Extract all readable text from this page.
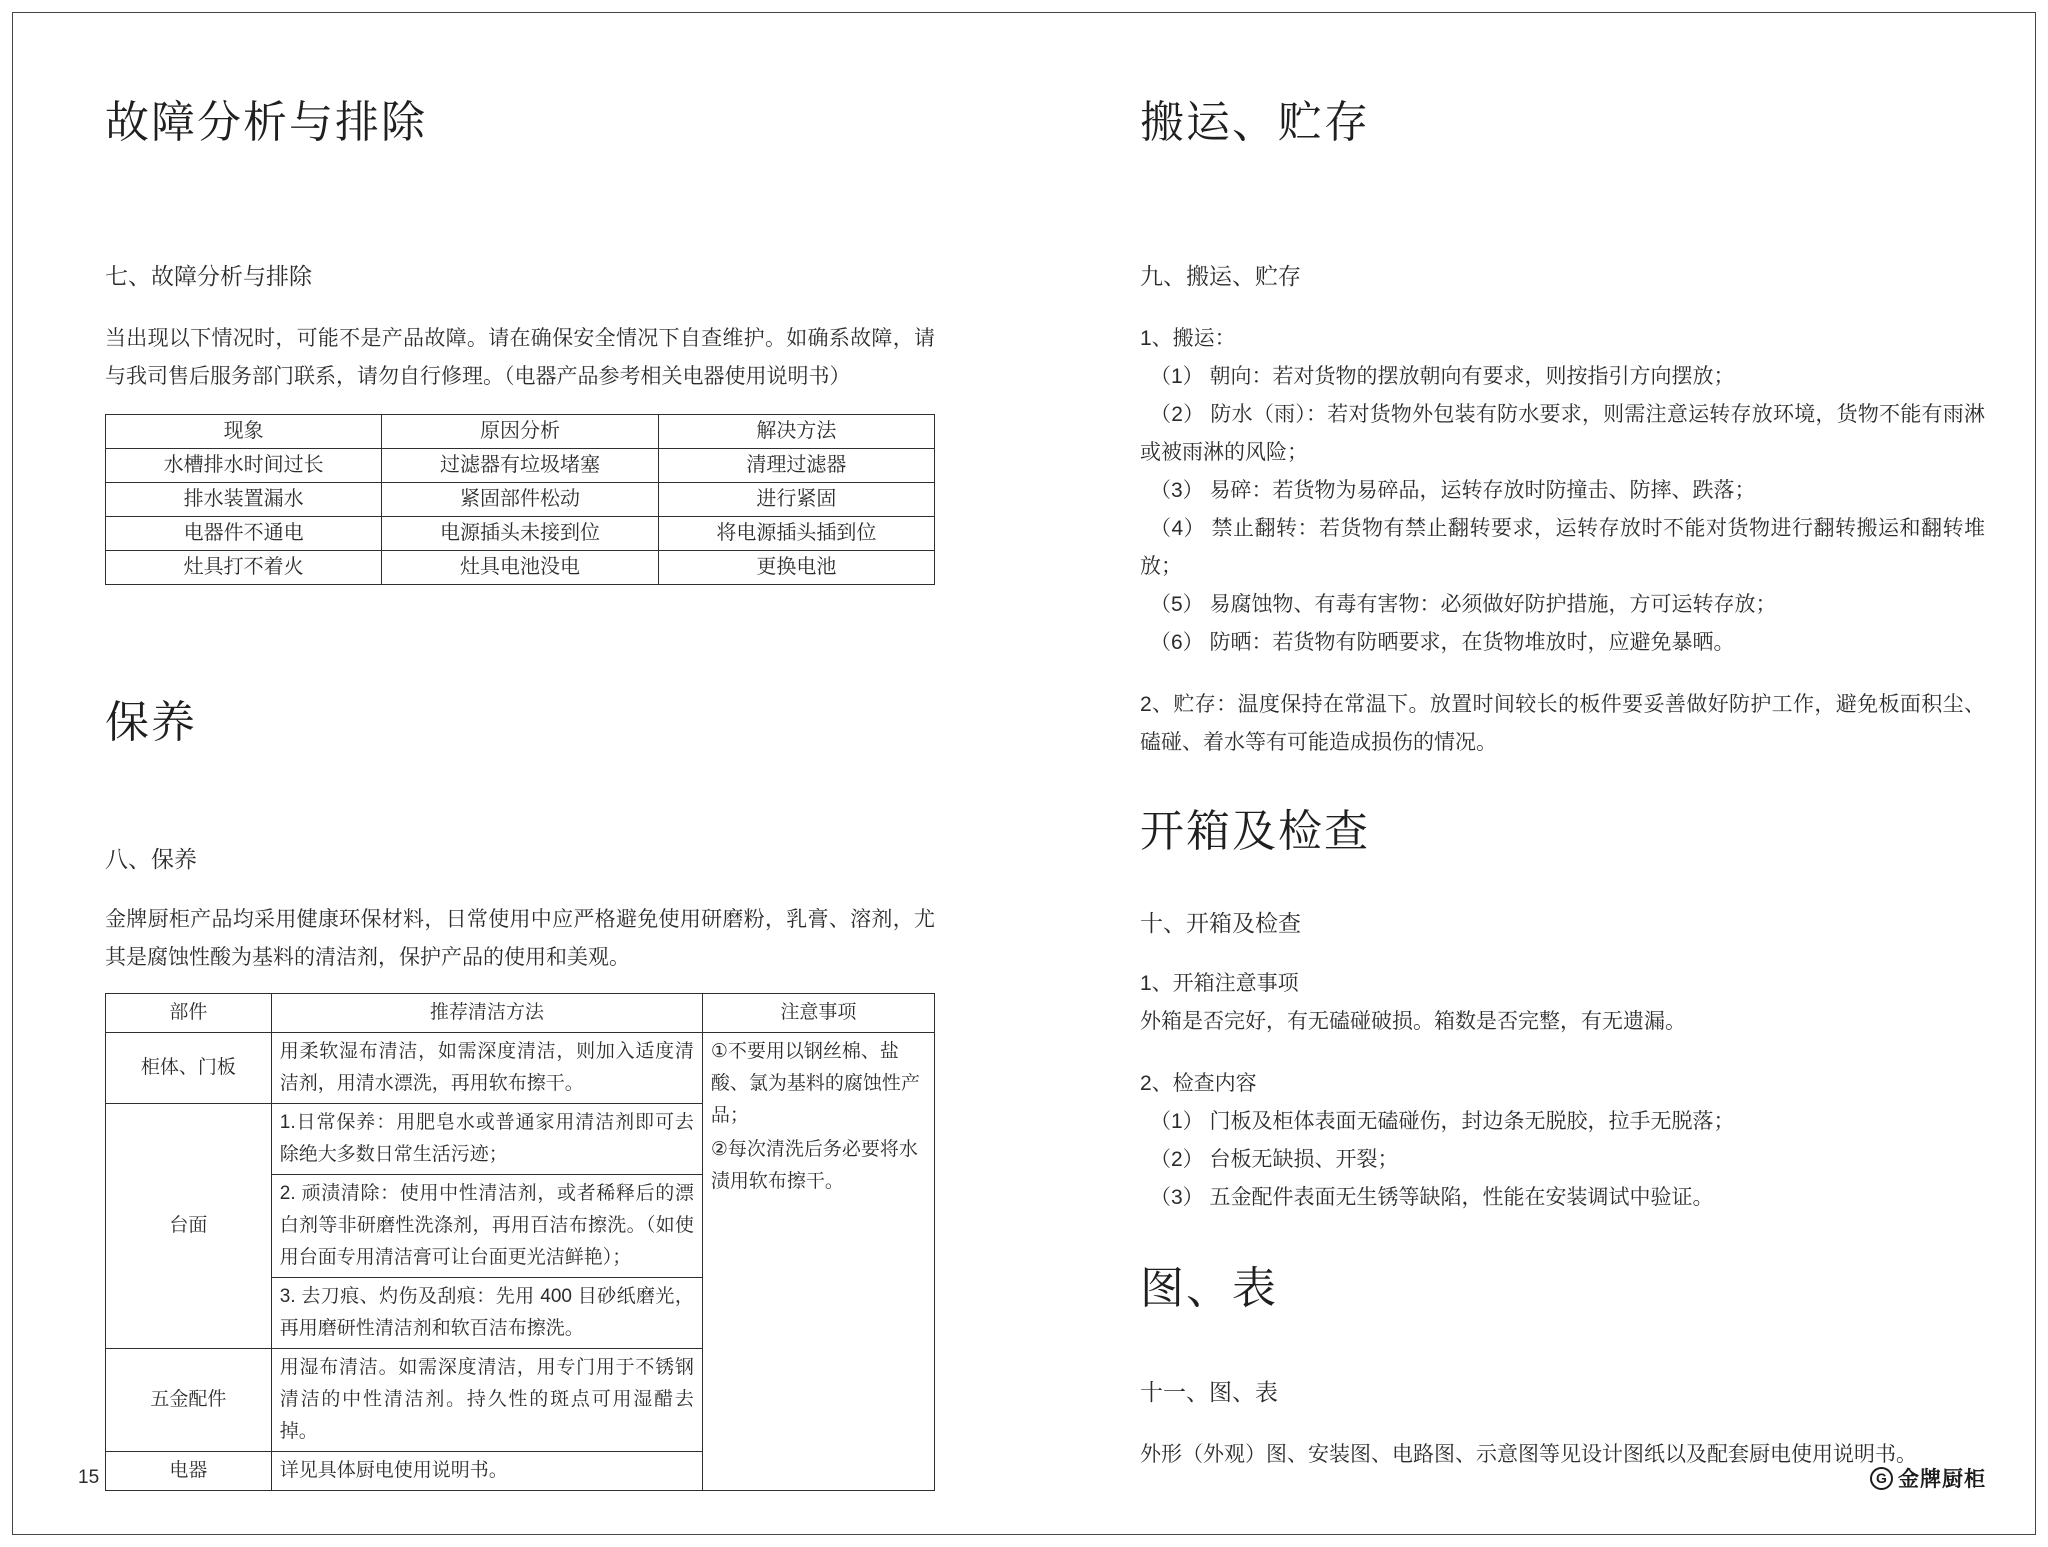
故障分析与排除
七、故障分析与排除

当出现以下情况时，可能不是产品故障。请在确保安全情况下自查维护。如确系故障，请与我司售后服务部门联系，请勿自行修理。（电器产品参考相关电器使用说明书）

现象	原因分析	解决方法
水槽排水时间过长	过滤器有垃圾堵塞	清理过滤器
排水装置漏水	紧固部件松动	进行紧固
电器件不通电	电源插头未接到位	将电源插头插到位
灶具打不着火	灶具电池没电	更换电池
保养
八、保养

金牌厨柜产品均采用健康环保材料，日常使用中应严格避免使用研磨粉，乳膏、溶剂，尤其是腐蚀性酸为基料的清洁剂，保护产品的使用和美观。

部件	推荐清洁方法	注意事项
柜体、门板	用柔软湿布清洁，如需深度清洁，则加入适度清洁剂，用清水漂洗，再用软布擦干。	①不要用以钢丝棉、盐酸、氯为基料的腐蚀性产品；
②每次清洗后务必要将水渍用软布擦干。

台面	1.日常保养：用肥皂水或普通家用清洁剂即可去除绝大多数日常生活污迹；	
	2. 顽渍清除：使用中性清洁剂，或者稀释后的漂白剂等非研磨性洗涤剂，再用百洁布擦洗。（如使用台面专用清洁膏可让台面更光洁鲜艳）；	
	3. 去刀痕、灼伤及刮痕：先用 400 目砂纸磨光，再用磨研性清洁剂和软百洁布擦洗。	
五金配件	用湿布清洁。如需深度清洁，用专门用于不锈钢清洁的中性清洁剂。持久性的斑点可用湿醋去掉。	
电器	详见具体厨电使用说明书。	
搬运、贮存
九、搬运、贮存

1、搬运：

（1） 朝向：若对货物的摆放朝向有要求，则按指引方向摆放；

（2） 防水（雨）：若对货物外包装有防水要求，则需注意运转存放环境，货物不能有雨淋或被雨淋的风险；

（3） 易碎：若货物为易碎品，运转存放时防撞击、防摔、跌落；

（4） 禁止翻转：若货物有禁止翻转要求，运转存放时不能对货物进行翻转搬运和翻转堆放；

（5） 易腐蚀物、有毒有害物：必须做好防护措施，方可运转存放；

（6） 防晒：若货物有防晒要求，在货物堆放时，应避免暴晒。

2、贮存：温度保持在常温下。放置时间较长的板件要妥善做好防护工作，避免板面积尘、磕碰、着水等有可能造成损伤的情况。

开箱及检查
十、开箱及检查

1、开箱注意事项

外箱是否完好，有无磕碰破损。箱数是否完整，有无遗漏。

2、检查内容

（1） 门板及柜体表面无磕碰伤，封边条无脱胶，拉手无脱落；

（2） 台板无缺损、开裂；

（3） 五金配件表面无生锈等缺陷，性能在安装调试中验证。

图、表
十一、图、表

外形（外观）图、安装图、电路图、示意图等见设计图纸以及配套厨电使用说明书。

15	G 金牌厨柜
